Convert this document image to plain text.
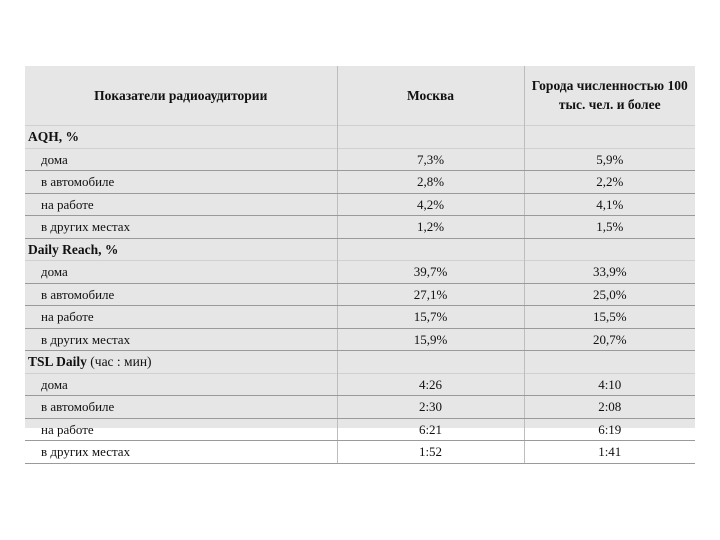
Показатели радиоаудитории	Москва	Города численностью 100 тыс. чел. и более
AQH, %		
дома	7,3%	5,9%
в автомобиле	2,8%	2,2%
на работе	4,2%	4,1%
в других местах	1,2%	1,5%
Daily Reach, %		
дома	39,7%	33,9%
в автомобиле	27,1%	25,0%
на работе	15,7%	15,5%
в других местах	15,9%	20,7%
TSL Daily (час : мин)		
дома	4:26	4:10
в автомобиле	2:30	2:08
на работе	6:21	6:19
в других местах	1:52	1:41
